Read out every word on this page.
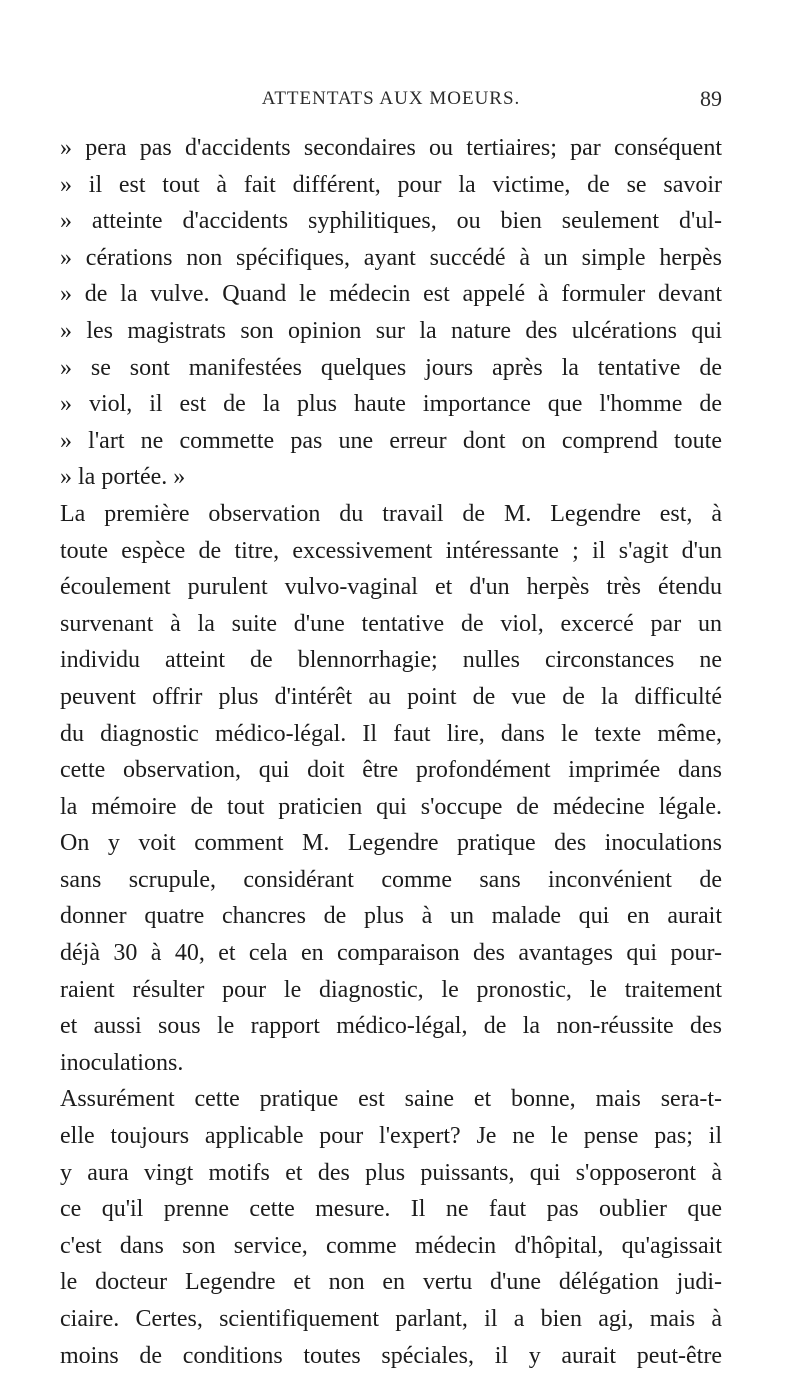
ATTENTATS AUX MOEURS.	89
» pera pas d'accidents secondaires ou tertiaires; par conséquent
» il est tout à fait différent, pour la victime, de se savoir
» atteinte d'accidents syphilitiques, ou bien seulement d'ul-
» cérations non spécifiques, ayant succédé à un simple herpès
» de la vulve. Quand le médecin est appelé à formuler devant
» les magistrats son opinion sur la nature des ulcérations qui
» se sont manifestées quelques jours après la tentative de
» viol, il est de la plus haute importance que l'homme de
» l'art ne commette pas une erreur dont on comprend toute
» la portée. »
La première observation du travail de M. Legendre est, à
toute espèce de titre, excessivement intéressante ; il s'agit d'un
écoulement purulent vulvo-vaginal et d'un herpès très étendu
survenant à la suite d'une tentative de viol, excercé par un
individu atteint de blennorrhagie; nulles circonstances ne
peuvent offrir plus d'intérêt au point de vue de la difficulté
du diagnostic médico-légal. Il faut lire, dans le texte même,
cette observation, qui doit être profondément imprimée dans
la mémoire de tout praticien qui s'occupe de médecine légale.
On y voit comment M. Legendre pratique des inoculations
sans scrupule, considérant comme sans inconvénient de
donner quatre chancres de plus à un malade qui en aurait
déjà 30 à 40, et cela en comparaison des avantages qui pour-
raient résulter pour le diagnostic, le pronostic, le traitement
et aussi sous le rapport médico-légal, de la non-réussite des
inoculations.
Assurément cette pratique est saine et bonne, mais sera-t-
elle toujours applicable pour l'expert? Je ne le pense pas; il
y aura vingt motifs et des plus puissants, qui s'opposeront à
ce qu'il prenne cette mesure. Il ne faut pas oublier que
c'est dans son service, comme médecin d'hôpital, qu'agissait
le docteur Legendre et non en vertu d'une délégation judi-
ciaire. Certes, scientifiquement parlant, il a bien agi, mais à
moins de conditions toutes spéciales, il y aurait peut-être
